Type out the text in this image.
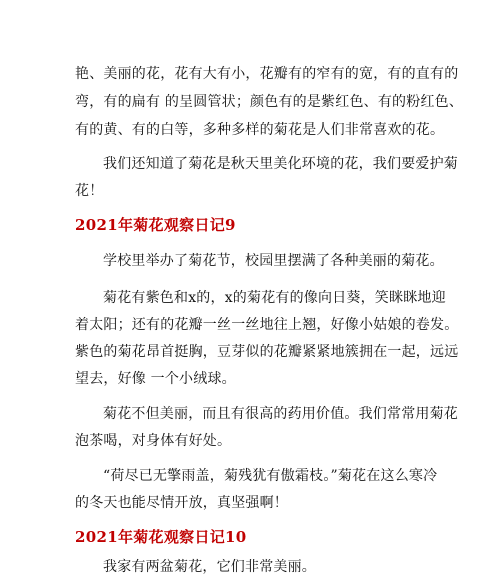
艳、美丽的花，花有大有小，花瓣有的窄有的宽，有的直有的
弯，有的扁有 的呈圆管状；颜色有的是紫红色、有的粉红色、
有的黄、有的白等，多种多样的菊花是人们非常喜欢的花。
我们还知道了菊花是秋天里美化环境的花，我们要爱护菊
花！
2021年菊花观察日记9
学校里举办了菊花节，校园里摆满了各种美丽的菊花。
菊花有紫色和x的，x的菊花有的像向日葵，笑眯眯地迎
着太阳；还有的花瓣一丝一丝地往上翘，好像小姑娘的卷发。
紫色的菊花昂首挺胸，豆芽似的花瓣紧紧地簇拥在一起，远远
望去，好像 一个小绒球。
菊花不但美丽，而且有很高的药用价值。我们常常用菊花
泡茶喝，对身体有好处。
“荷尽已无擎雨盖，菊残犹有傲霜枝。”菊花在这么寒冷
的冬天也能尽情开放，真坚强啊！
2021年菊花观察日记10
我家有两盆菊花，它们非常美丽。
